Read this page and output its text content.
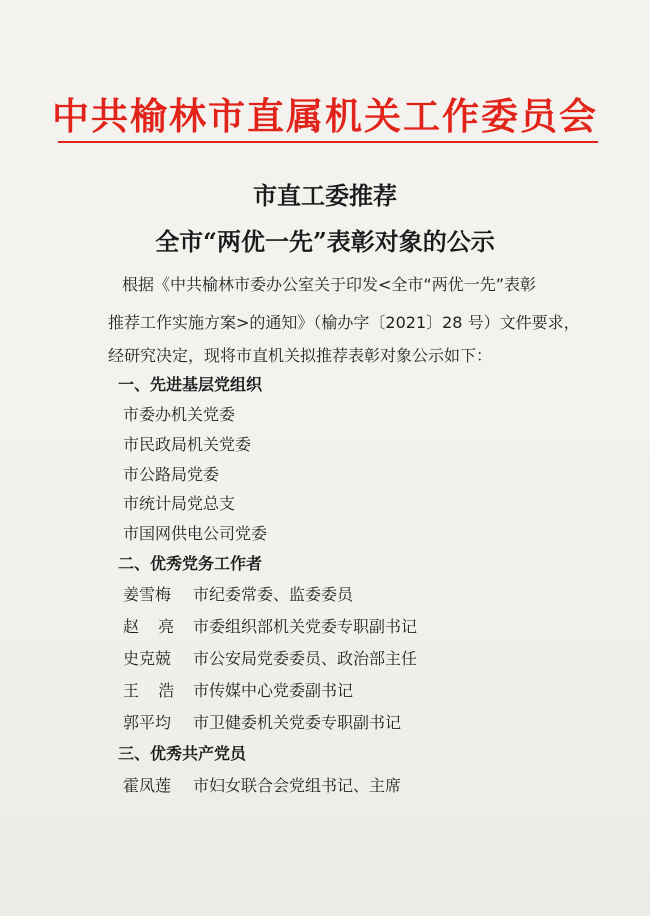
中共榆林市直属机关工作委员会
市直工委推荐
全市“两优一先”表彰对象的公示
根据《中共榆林市委办公室关于印发<全市“两优一先”表彰
推荐工作实施方案>的通知》（榆办字〔2021〕28 号）文件要求，
经研究决定，现将市直机关拟推荐表彰对象公示如下：
一、先进基层党组织
市委办机关党委
市民政局机关党委
市公路局党委
市统计局党总支
市国网供电公司党委
二、优秀党务工作者
姜雪梅 市纪委常委、监委委员
赵亮市委组织部机关党委专职副书记
史克兢 市公安局党委委员、政治部主任
王浩市传媒中心党委副书记
郭平均 市卫健委机关党委专职副书记
三、优秀共产党员
霍凤莲 市妇女联合会党组书记、主席
